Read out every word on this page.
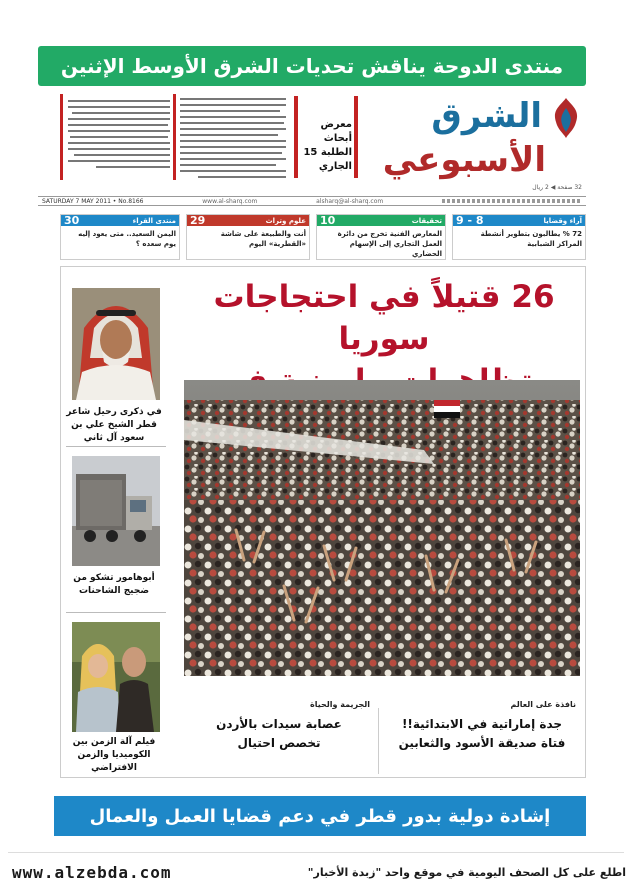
منتدى الدوحة يناقش تحديات الشرق الأوسط الإثنين
الشرق
الأسبوعي
32 صفحة ◀ 2 ريال
معرض أبحاث الطلبة 15 الجاري
SATURDAY 7 MAY 2011 • No.8166	www.al-sharq.com	alsharq@al-sharq.com
آراء وقضايا
8 - 9
72 % يطالبون بتطوير أنشطة المراكز الشبابية
تحقيقات
10
المعارض الفنية تخرج من دائرة العمل التجاري إلى الإسهام الحضاري
علوم وتراث
29
أنت والطبيعة على شاشة «القطرية» اليوم
منتدى القراء
30
اليمن السعيد.. متى يعود إليه يوم سعده ؟
26 قتيلاً في احتجاجات سوريا
في ذكرى رحيل شاعر قطر الشيخ علي بن سعود آل ثاني
أبوهامور تشكو من ضجيج الشاحنات
فيلم آلة الزمن بين الكوميديا والزمن الافتراضي
نافذة على العالم
جدة إماراتية في الابتدائية!!
فتاة صديقة الأسود والثعابين
الجريمة والحياة
عصابة سيدات بالأردن
تخصص احتيال
إشادة دولية بدور قطر في دعم قضايا العمل والعمال
www.alzebda.com	اطلع على كل الصحف اليومية في موقع واحد "زبدة الأخبار"
